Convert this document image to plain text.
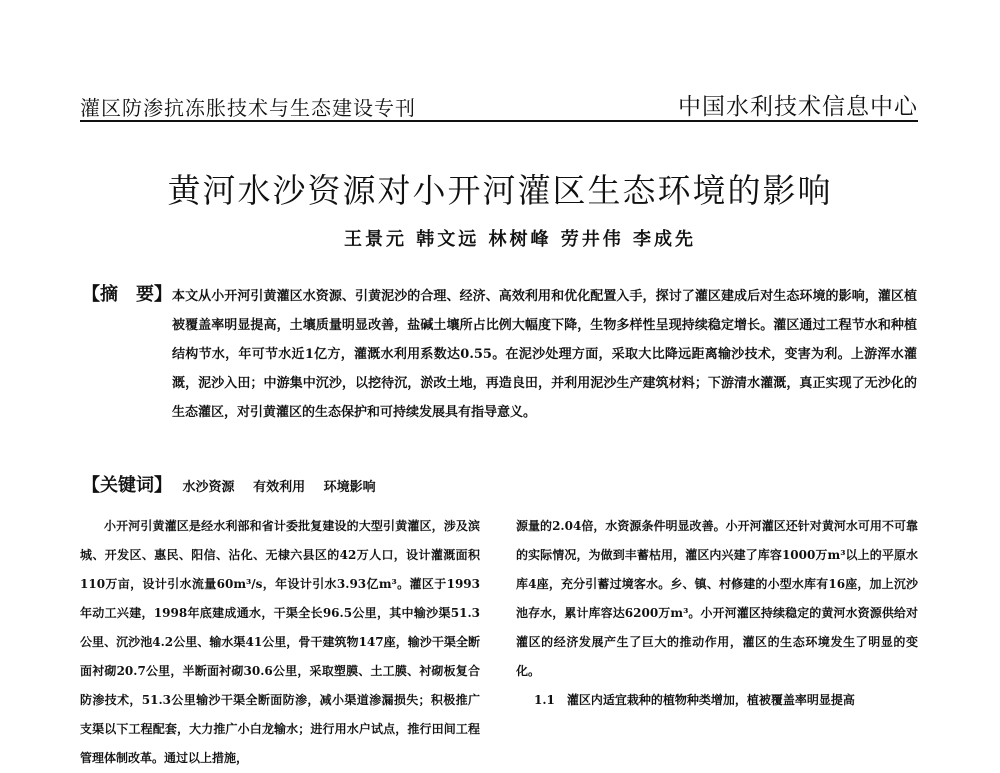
灌区防渗抗冻胀技术与生态建设专刊	中国水利技术信息中心
黄河水沙资源对小开河灌区生态环境的影响
王景元 韩文远 林树峰 劳井伟 李成先
【摘　要】 本文从小开河引黄灌区水资源、引黄泥沙的合理、经济、高效利用和优化配置入手，探讨了灌区建成后对生态环境的影响，灌区植被覆盖率明显提高，土壤质量明显改善，盐碱土壤所占比例大幅度下降，生物多样性呈现持续稳定增长。灌区通过工程节水和种植结构节水，年可节水近1亿方，灌溉水利用系数达0.55。在泥沙处理方面，采取大比降远距离输沙技术，变害为利。上游浑水灌溉，泥沙入田；中游集中沉沙，以挖待沉，淤改土地，再造良田，并利用泥沙生产建筑材料；下游清水灌溉，真正实现了无沙化的生态灌区，对引黄灌区的生态保护和可持续发展具有指导意义。
【关键词】 水沙资源 有效利用 环境影响
小开河引黄灌区是经水利部和省计委批复建设的大型引黄灌区，涉及滨城、开发区、惠民、阳信、沾化、无棣六县区的42万人口，设计灌溉面积110万亩，设计引水流量60m³/s，年设计引水3.93亿m³。灌区于1993年动工兴建，1998年底建成通水，干渠全长96.5公里，其中输沙渠51.3公里、沉沙池4.2公里、输水渠41公里，骨干建筑物147座，输沙干渠全断面衬砌20.7公里，半断面衬砌30.6公里，采取塑膜、土工膜、衬砌板复合防渗技术，51.3公里输沙干渠全断面防渗，减小渠道渗漏损失；积极推广支渠以下工程配套，大力推广小白龙输水；进行用水户试点，推行田间工程管理体制改革。通过以上措施，
源量的2.04倍，水资源条件明显改善。小开河灌区还针对黄河水可用不可靠的实际情况，为做到丰蓄枯用，灌区内兴建了库容1000万m³以上的平原水库4座，充分引蓄过境客水。乡、镇、村修建的小型水库有16座，加上沉沙池存水，累计库容达6200万m³。小开河灌区持续稳定的黄河水资源供给对灌区的经济发展产生了巨大的推动作用，灌区的生态环境发生了明显的变化。
1.1　灌区内适宜栽种的植物种类增加，植被覆盖率明显提高
